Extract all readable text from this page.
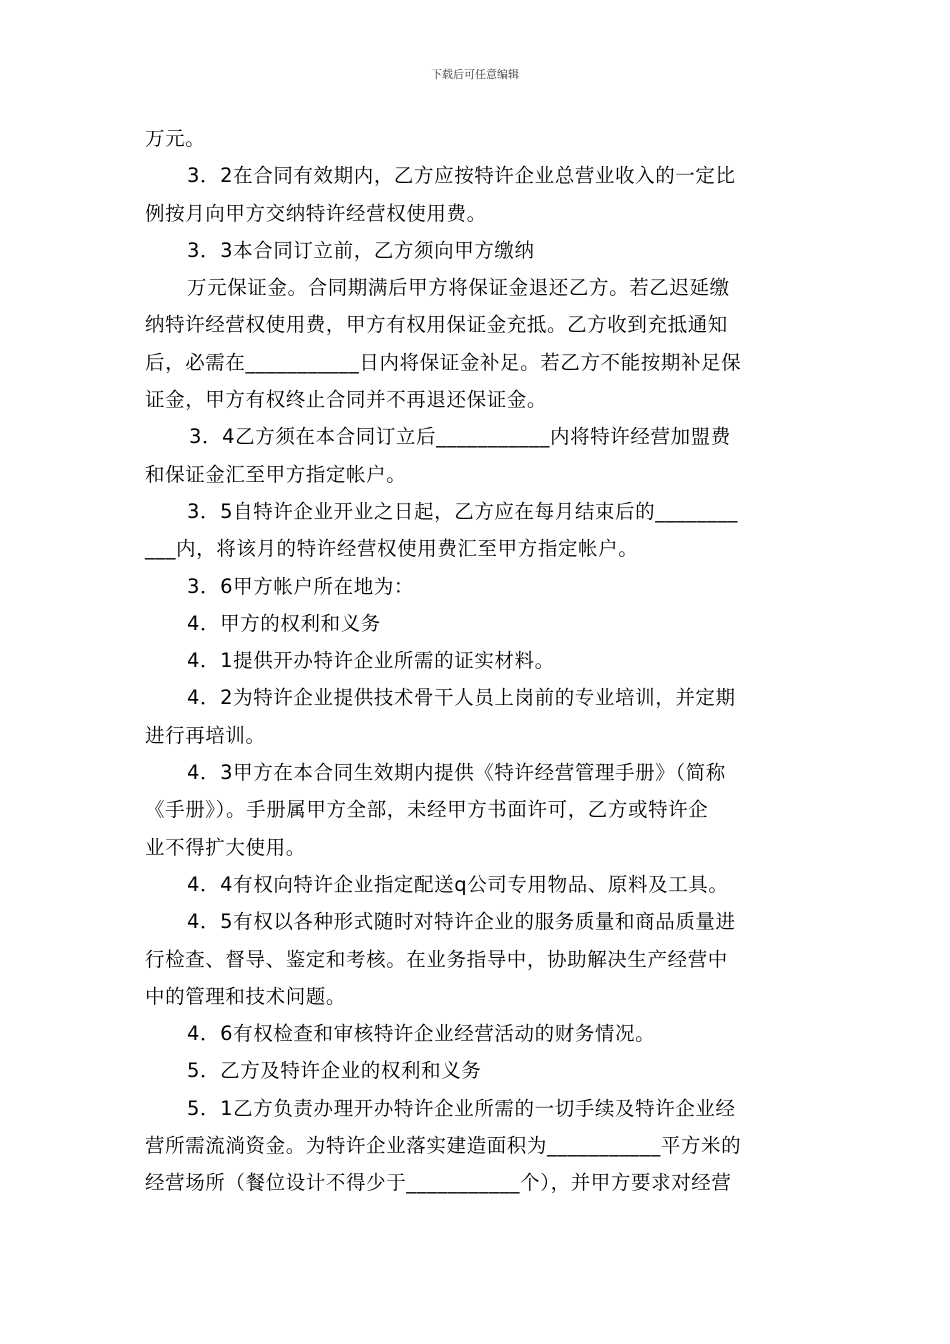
下载后可任意编辑
万元。
3．2在合同有效期内，乙方应按特许企业总营业收入的一定比
例按月向甲方交纳特许经营权使用费。
3．3本合同订立前，乙方须向甲方缴纳
万元保证金。合同期满后甲方将保证金退还乙方。若乙迟延缴
纳特许经营权使用费，甲方有权用保证金充抵。乙方收到充抵通知
后，必需在___________日内将保证金补足。若乙方不能按期补足保
证金，甲方有权终止合同并不再退还保证金。
3．4乙方须在本合同订立后___________内将特许经营加盟费
和保证金汇至甲方指定帐户。
3．5自特许企业开业之日起，乙方应在每月结束后的________
___内，将该月的特许经营权使用费汇至甲方指定帐户。
3．6甲方帐户所在地为：
4．甲方的权利和义务
4．1提供开办特许企业所需的证实材料。
4．2为特许企业提供技术骨干人员上岗前的专业培训，并定期
进行再培训。
4．3甲方在本合同生效期内提供《特许经营管理手册》（简称
《手册》）。手册属甲方全部，未经甲方书面许可，乙方或特许企
业不得扩大使用。
4．4有权向特许企业指定配送q公司专用物品、原料及工具。
4．5有权以各种形式随时对特许企业的服务质量和商品质量进
行检查、督导、鉴定和考核。在业务指导中，协助解决生产经营中
中的管理和技术问题。
4．6有权检查和审核特许企业经营活动的财务情况。
5．乙方及特许企业的权利和义务
5．1乙方负责办理开办特许企业所需的一切手续及特许企业经
营所需流淌资金。为特许企业落实建造面积为___________平方米的
经营场所（餐位设计不得少于___________个），并甲方要求对经营
